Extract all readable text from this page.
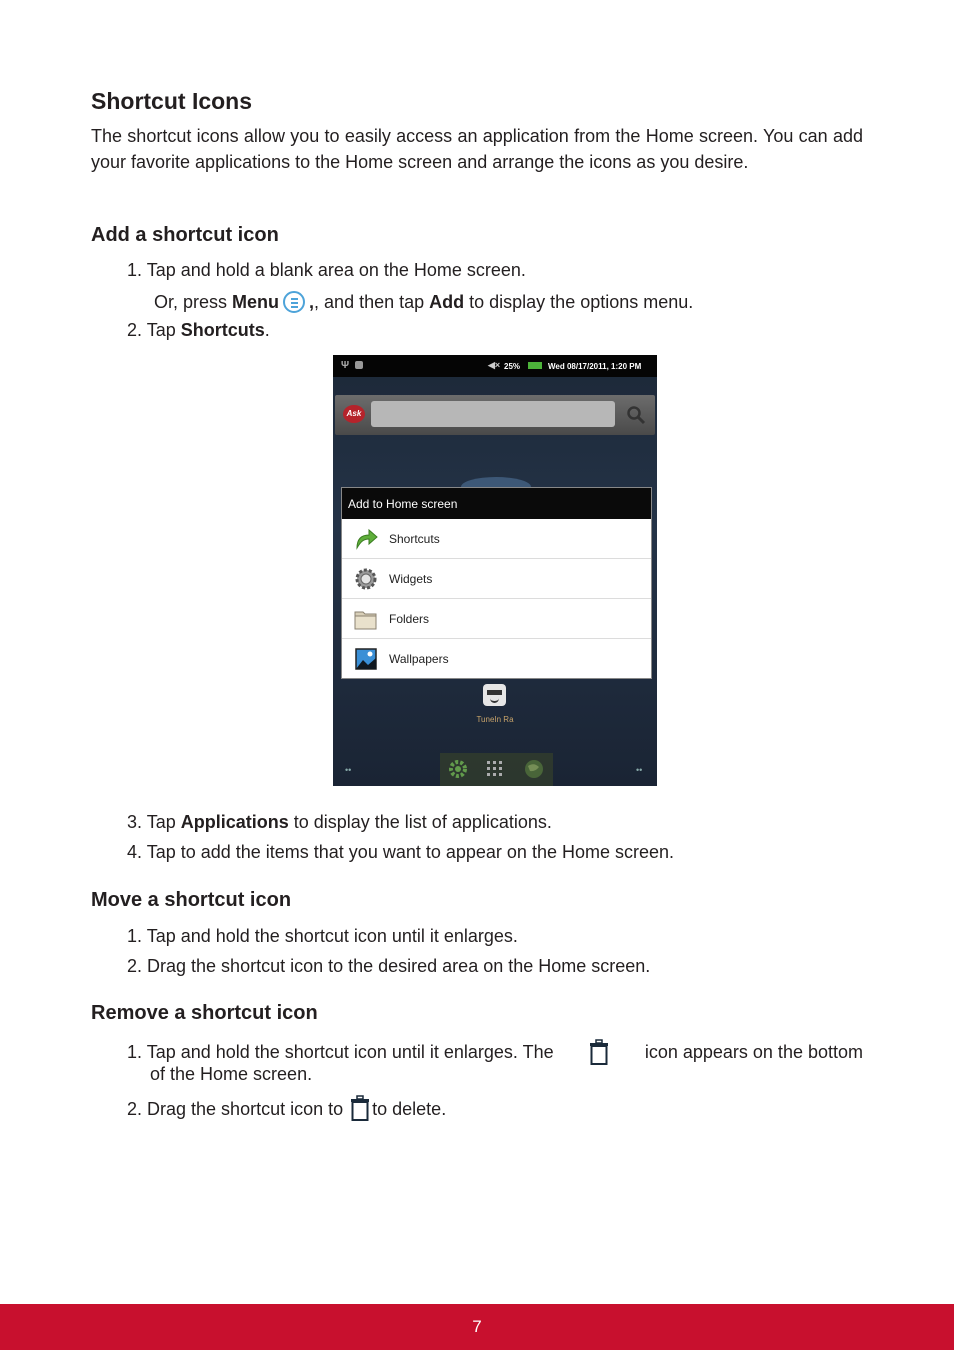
Shortcut Icons

The shortcut icons allow you to easily access an application from the Home screen. You can add your favorite applications to the Home screen and arrange the icons as you desire.

Add a shortcut icon
1. Tap and hold a blank area on the Home screen.
Or, press Menu ,, and then tap Add to display the options menu.
2. Tap Shortcuts.
Ψ	◀× 25%	Wed 08/17/2011, 1:20 PM
Ask
Add to Home screen
Shortcuts
Widgets
Folders
Wallpapers
TuneIn Ra
••	••
3. Tap Applications to display the list of applications.
4. Tap to add the items that you want to appear on the Home screen.
Move a shortcut icon
1. Tap and hold the shortcut icon until it enlarges.
2. Drag the shortcut icon to the desired area on the Home screen.
Remove a shortcut icon
1. Tap and hold the shortcut icon until it enlarges. The	icon appears on the bottom
of the Home screen.
2. Drag the shortcut icon to to delete.
7
